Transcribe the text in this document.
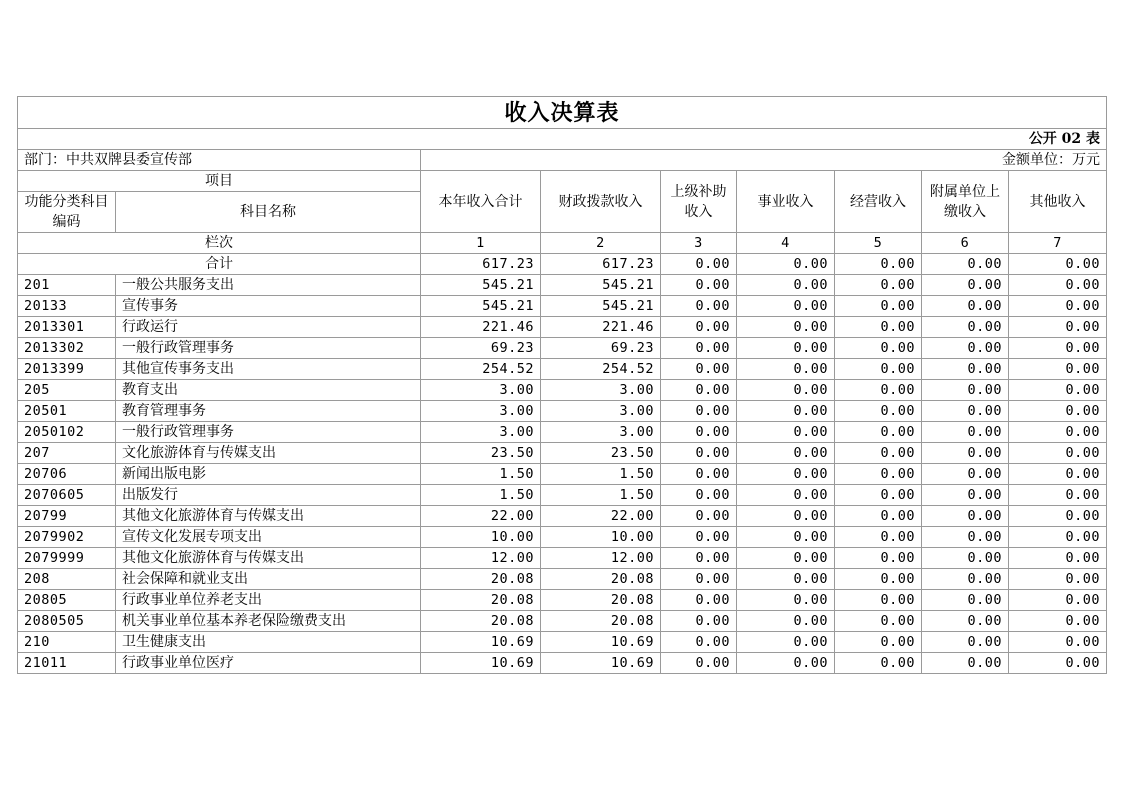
收入决算表								
公开 02 表								
部门：中共双牌县委宣传部		金额单位：万元						
项目		本年收入合计	财政拨款收入	上级补助收入	事业收入	经营收入	附属单位上缴收入	其他收入
功能分类科目编码	科目名称							
栏次		1	2	3	4	5	6	7
合计		617.23	617.23	0.00	0.00	0.00	0.00	0.00
201	一般公共服务支出	545.21	545.21	0.00	0.00	0.00	0.00	0.00
20133	宣传事务	545.21	545.21	0.00	0.00	0.00	0.00	0.00
2013301	行政运行	221.46	221.46	0.00	0.00	0.00	0.00	0.00
2013302	一般行政管理事务	69.23	69.23	0.00	0.00	0.00	0.00	0.00
2013399	其他宣传事务支出	254.52	254.52	0.00	0.00	0.00	0.00	0.00
205	教育支出	3.00	3.00	0.00	0.00	0.00	0.00	0.00
20501	教育管理事务	3.00	3.00	0.00	0.00	0.00	0.00	0.00
2050102	一般行政管理事务	3.00	3.00	0.00	0.00	0.00	0.00	0.00
207	文化旅游体育与传媒支出	23.50	23.50	0.00	0.00	0.00	0.00	0.00
20706	新闻出版电影	1.50	1.50	0.00	0.00	0.00	0.00	0.00
2070605	出版发行	1.50	1.50	0.00	0.00	0.00	0.00	0.00
20799	其他文化旅游体育与传媒支出	22.00	22.00	0.00	0.00	0.00	0.00	0.00
2079902	宣传文化发展专项支出	10.00	10.00	0.00	0.00	0.00	0.00	0.00
2079999	其他文化旅游体育与传媒支出	12.00	12.00	0.00	0.00	0.00	0.00	0.00
208	社会保障和就业支出	20.08	20.08	0.00	0.00	0.00	0.00	0.00
20805	行政事业单位养老支出	20.08	20.08	0.00	0.00	0.00	0.00	0.00
2080505	机关事业单位基本养老保险缴费支出	20.08	20.08	0.00	0.00	0.00	0.00	0.00
210	卫生健康支出	10.69	10.69	0.00	0.00	0.00	0.00	0.00
21011	行政事业单位医疗	10.69	10.69	0.00	0.00	0.00	0.00	0.00
